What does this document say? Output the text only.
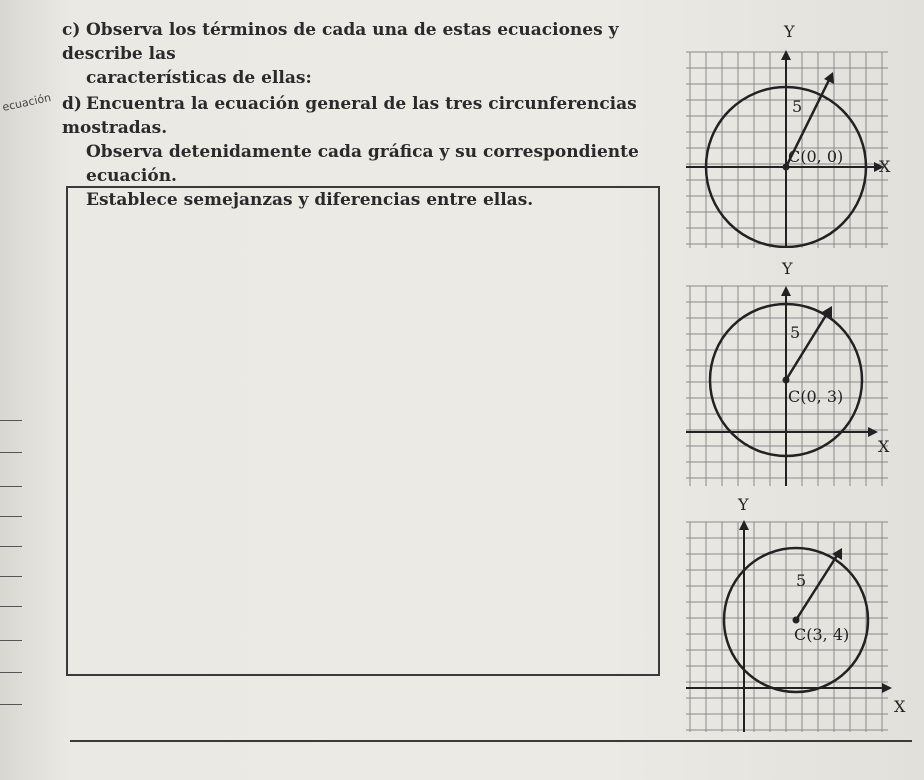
ecuación
c) Observa los términos de cada una de estas ecuaciones y describe las
características de ellas:
d) Encuentra la ecuación general de las tres circunferencias mostradas.
Observa detenidamente cada gráfica y su correspondiente ecuación.
Establece semejanzas y diferencias entre ellas.
Y
X
5
C(0, 0)
Y
X
5
C(0, 3)
Y
X
5
C(3, 4)
